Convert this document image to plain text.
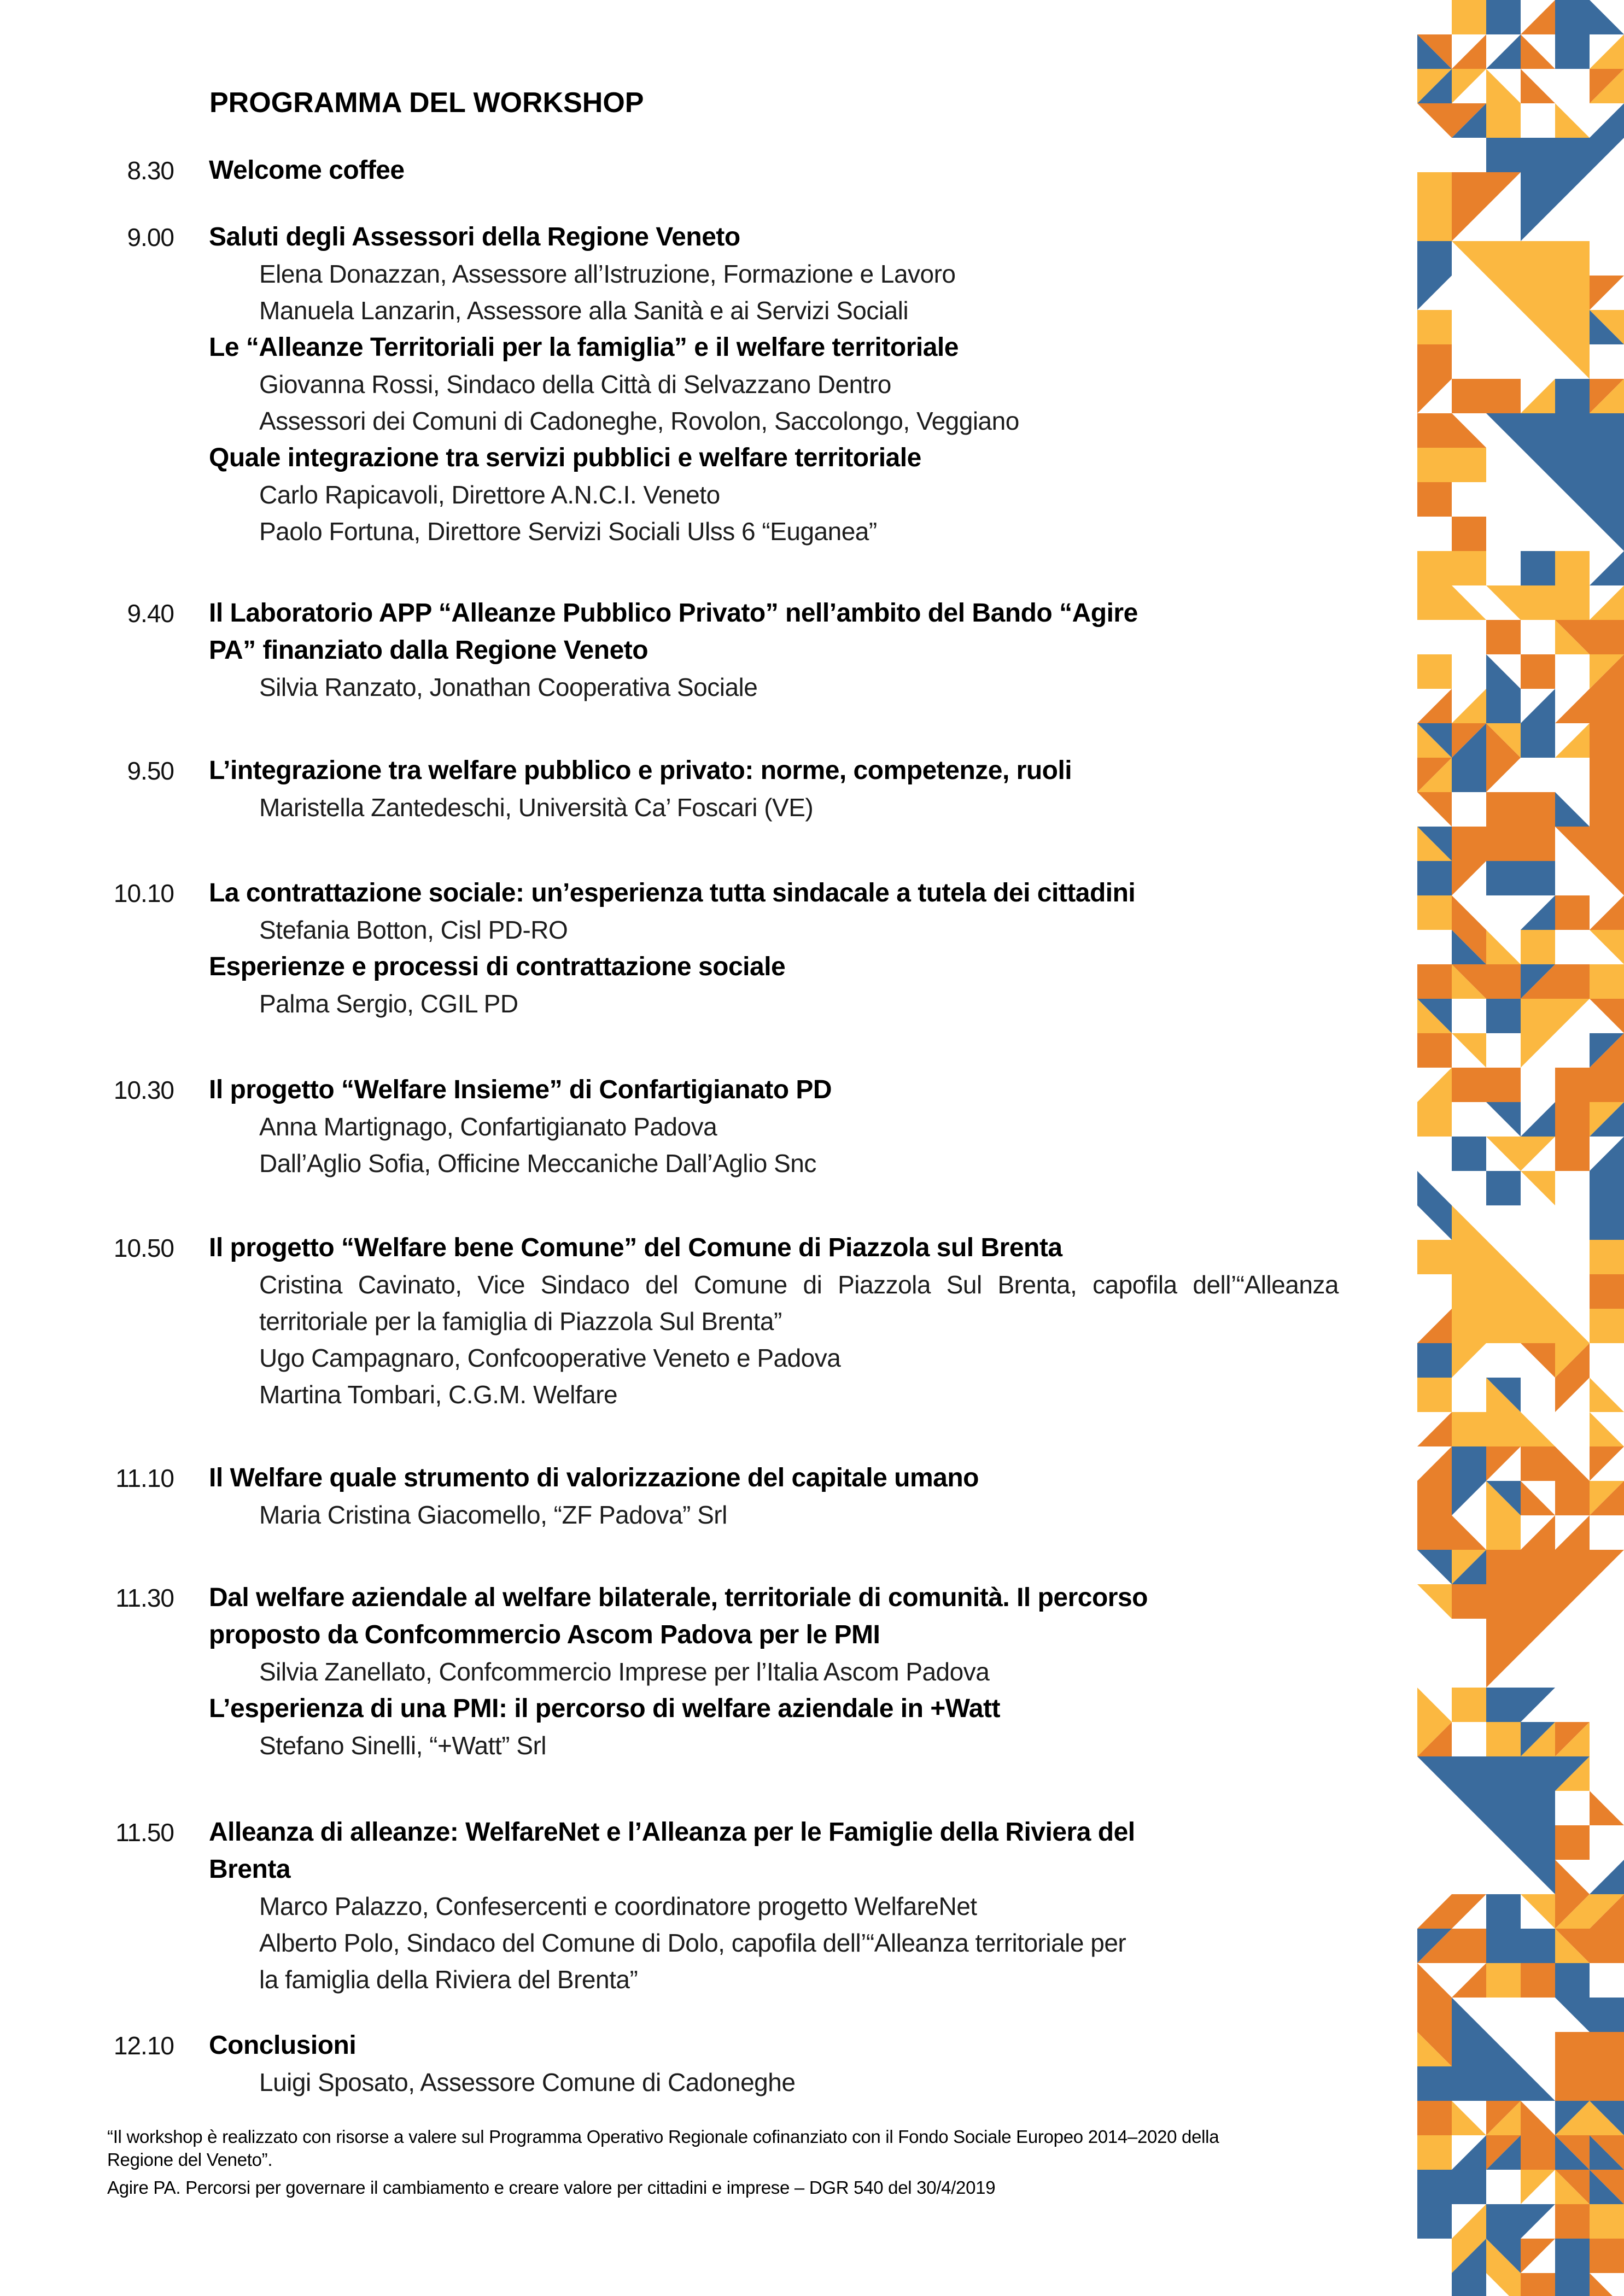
PROGRAMMA DEL WORKSHOP
8.30 Welcome coffee

9.00 Saluti degli Assessori della Regione Veneto

Elena Donazzan, Assessore all’Istruzione, Formazione e Lavoro

Manuela Lanzarin, Assessore alla Sanità e ai Servizi Sociali

Le “Alleanze Territoriali per la famiglia” e il welfare territoriale

Giovanna Rossi, Sindaco della Città di Selvazzano Dentro

Assessori dei Comuni di Cadoneghe, Rovolon, Saccolongo, Veggiano

Quale integrazione tra servizi pubblici e welfare territoriale

Carlo Rapicavoli, Direttore A.N.C.I. Veneto

Paolo Fortuna, Direttore Servizi Sociali Ulss 6 “Euganea”

9.40 Il Laboratorio APP “Alleanze Pubblico Privato” nell’ambito del Bando “Agire
PA” finanziato dalla Regione Veneto

Silvia Ranzato, Jonathan Cooperativa Sociale

9.50 L’integrazione tra welfare pubblico e privato: norme, competenze, ruoli

Maristella Zantedeschi, Università Ca’ Foscari (VE)

10.10 La contrattazione sociale: un’esperienza tutta sindacale a tutela dei cittadini

Stefania Botton, Cisl PD-RO

Esperienze e processi di contrattazione sociale

Palma Sergio, CGIL PD

10.30 Il progetto “Welfare Insieme” di Confartigianato PD

Anna Martignago, Confartigianato Padova

Dall’Aglio Sofia, Officine Meccaniche Dall’Aglio Snc

10.50 Il progetto “Welfare bene Comune” del Comune di Piazzola sul Brenta

Cristina Cavinato, Vice Sindaco del Comune di Piazzola Sul Brenta, capofila dell’“Alleanza territoriale per la famiglia di Piazzola Sul Brenta”

Ugo Campagnaro, Confcooperative Veneto e Padova

Martina Tombari, C.G.M. Welfare

11.10 Il Welfare quale strumento di valorizzazione del capitale umano

Maria Cristina Giacomello, “ZF Padova” Srl

11.30 Dal welfare aziendale al welfare bilaterale, territoriale di comunità. Il percorso
proposto da Confcommercio Ascom Padova per le PMI

Silvia Zanellato, Confcommercio Imprese per l’Italia Ascom Padova

L’esperienza di una PMI: il percorso di welfare aziendale in +Watt

Stefano Sinelli, “+Watt” Srl

11.50 Alleanza di alleanze: WelfareNet e l’Alleanza per le Famiglie della Riviera del
Brenta

Marco Palazzo, Confesercenti e coordinatore progetto WelfareNet

Alberto Polo, Sindaco del Comune di Dolo, capofila dell’“Alleanza territoriale per
la famiglia della Riviera del Brenta”

12.10 Conclusioni

Luigi Sposato, Assessore Comune di Cadoneghe

“Il workshop è realizzato con risorse a valere sul Programma Operativo Regionale cofinanziato con il Fondo Sociale Europeo 2014–2020 della
Regione del Veneto”.

Agire PA. Percorsi per governare il cambiamento e creare valore per cittadini e imprese – DGR 540 del 30/4/2019
